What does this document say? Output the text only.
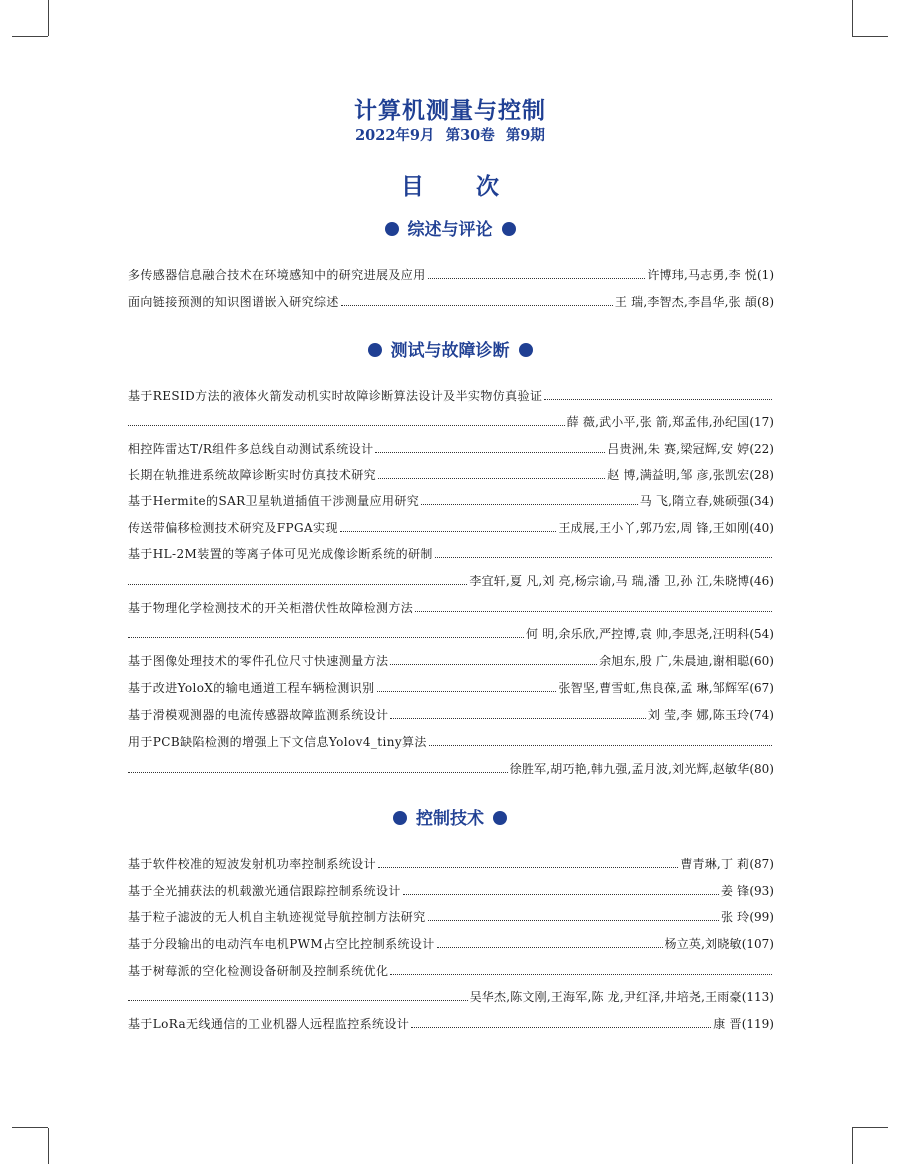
计算机测量与控制
2022年9月 第30卷 第9期
目 次
综述与评论
多传感器信息融合技术在环境感知中的研究进展及应用	许博玮,马志勇,李 悦 (1)
面向链接预测的知识图谱嵌入研究综述	王 瑞,李智杰,李昌华,张 頡 (8)
测试与故障诊断
基于RESID方法的液体火箭发动机实时故障诊断算法设计及半实物仿真验证
薛 薇,武小平,张 箭,郑孟伟,孙纪国 (17)
相控阵雷达T/R组件多总线自动测试系统设计	吕贵洲,朱 赛,梁冠辉,安 婷 (22)
长期在轨推进系统故障诊断实时仿真技术研究	赵 博,满益明,邹 彦,张凯宏 (28)
基于Hermite的SAR卫星轨道插值干涉测量应用研究	马 飞,隋立春,姚硕强 (34)
传送带偏移检测技术研究及FPGA实现	王成展,王小丫,郭乃宏,周 锋,王如刚 (40)
基于HL-2M装置的等离子体可见光成像诊断系统的研制
李宜轩,夏 凡,刘 亮,杨宗谕,马 瑞,潘 卫,孙 江,朱晓博 (46)
基于物理化学检测技术的开关柜潜伏性故障检测方法
何 明,余乐欣,严控博,袁 帅,李思尧,汪明科 (54)
基于图像处理技术的零件孔位尺寸快速测量方法	余旭东,殷 广,朱晨迪,谢相聪 (60)
基于改进YoloX的输电通道工程车辆检测识别	张智坚,曹雪虹,焦良葆,孟 琳,邹辉军 (67)
基于滑模观测器的电流传感器故障监测系统设计	刘 莹,李 娜,陈玉玲 (74)
用于PCB缺陷检测的增强上下文信息Yolov4_tiny算法
徐胜军,胡巧艳,韩九强,孟月波,刘光辉,赵敏华 (80)
控制技术
基于软件校准的短波发射机功率控制系统设计	曹青琳,丁 莉 (87)
基于全光捕获法的机载激光通信跟踪控制系统设计	姜 锋 (93)
基于粒子滤波的无人机自主轨迹视觉导航控制方法研究	张 玲 (99)
基于分段输出的电动汽车电机PWM占空比控制系统设计	杨立英,刘晓敏 (107)
基于树莓派的空化检测设备研制及控制系统优化
吴华杰,陈文刚,王海军,陈 龙,尹红泽,井培尧,王雨豪 (113)
基于LoRa无线通信的工业机器人远程监控系统设计	康 晋 (119)
